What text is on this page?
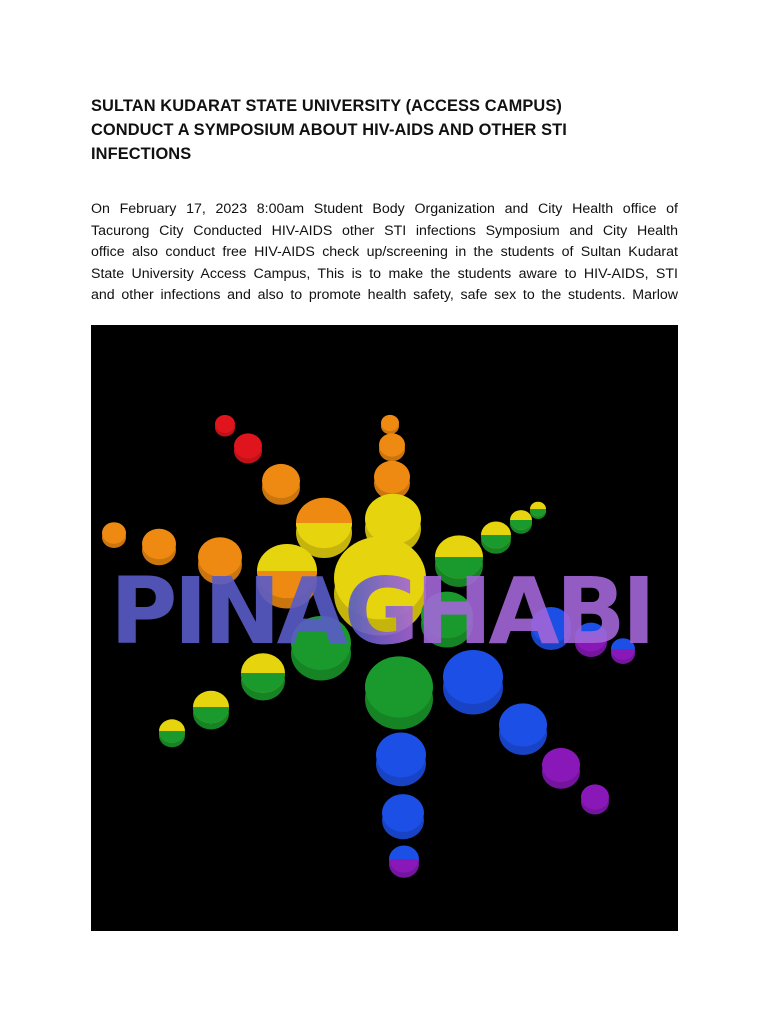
SULTAN KUDARAT STATE UNIVERSITY (ACCESS CAMPUS)
CONDUCT A SYMPOSIUM ABOUT HIV-AIDS AND OTHER STI
INFECTIONS
On February 17, 2023 8:00am Student Body Organization and City Health office of
Tacurong City Conducted HIV-AIDS other STI infections Symposium and City Health
office also conduct free HIV-AIDS check up/screening in the students of Sultan Kudarat
State University Access Campus, This is to make the students aware to HIV-AIDS, STI
and other infections and also to promote health safety, safe sex to the students. Marlow
PINAGHABI
